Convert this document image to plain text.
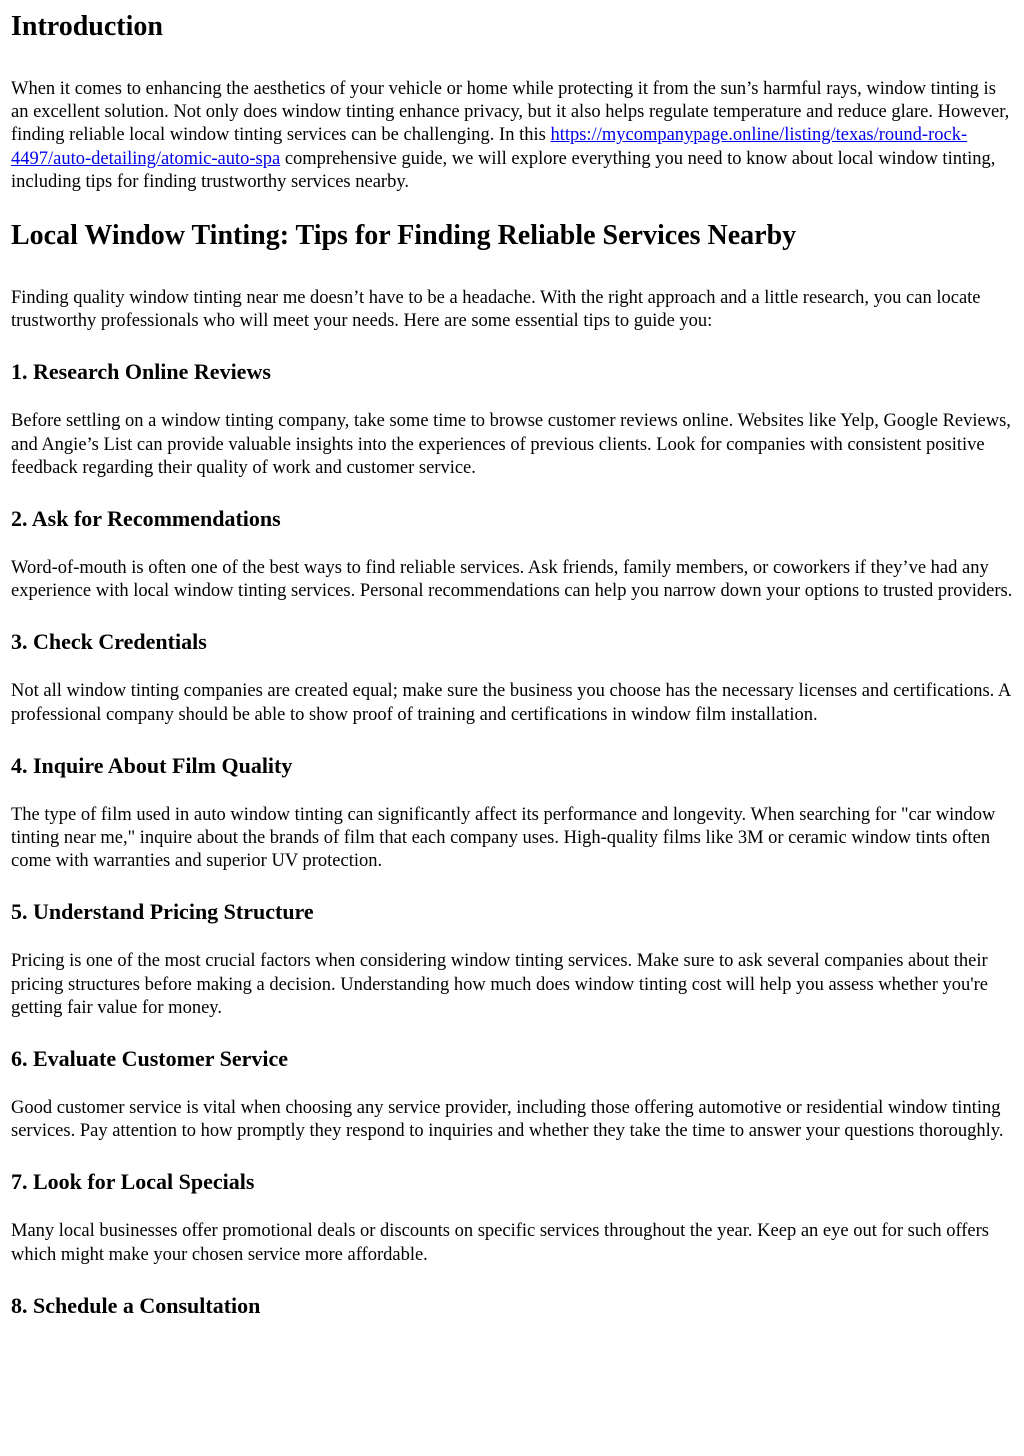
Introduction

When it comes to enhancing the aesthetics of your vehicle or home while protecting it from the sun’s harmful rays, window tinting is an excellent solution. Not only does window tinting enhance privacy, but it also helps regulate temperature and reduce glare. However, finding reliable local window tinting services can be challenging. In this https://mycompanypage.online/listing/texas/round-rock-4497/auto-detailing/atomic-auto-spa comprehensive guide, we will explore everything you need to know about local window tinting, including tips for finding trustworthy services nearby.

Local Window Tinting: Tips for Finding Reliable Services Nearby

Finding quality window tinting near me doesn’t have to be a headache. With the right approach and a little research, you can locate trustworthy professionals who will meet your needs. Here are some essential tips to guide you:

1. Research Online Reviews

Before settling on a window tinting company, take some time to browse customer reviews online. Websites like Yelp, Google Reviews, and Angie’s List can provide valuable insights into the experiences of previous clients. Look for companies with consistent positive feedback regarding their quality of work and customer service.

2. Ask for Recommendations

Word-of-mouth is often one of the best ways to find reliable services. Ask friends, family members, or coworkers if they’ve had any experience with local window tinting services. Personal recommendations can help you narrow down your options to trusted providers.

3. Check Credentials

Not all window tinting companies are created equal; make sure the business you choose has the necessary licenses and certifications. A professional company should be able to show proof of training and certifications in window film installation.

4. Inquire About Film Quality

The type of film used in auto window tinting can significantly affect its performance and longevity. When searching for "car window tinting near me," inquire about the brands of film that each company uses. High-quality films like 3M or ceramic window tints often come with warranties and superior UV protection.

5. Understand Pricing Structure

Pricing is one of the most crucial factors when considering window tinting services. Make sure to ask several companies about their pricing structures before making a decision. Understanding how much does window tinting cost will help you assess whether you're getting fair value for money.

6. Evaluate Customer Service

Good customer service is vital when choosing any service provider, including those offering automotive or residential window tinting services. Pay attention to how promptly they respond to inquiries and whether they take the time to answer your questions thoroughly.

7. Look for Local Specials

Many local businesses offer promotional deals or discounts on specific services throughout the year. Keep an eye out for such offers which might make your chosen service more affordable.

8. Schedule a Consultation
